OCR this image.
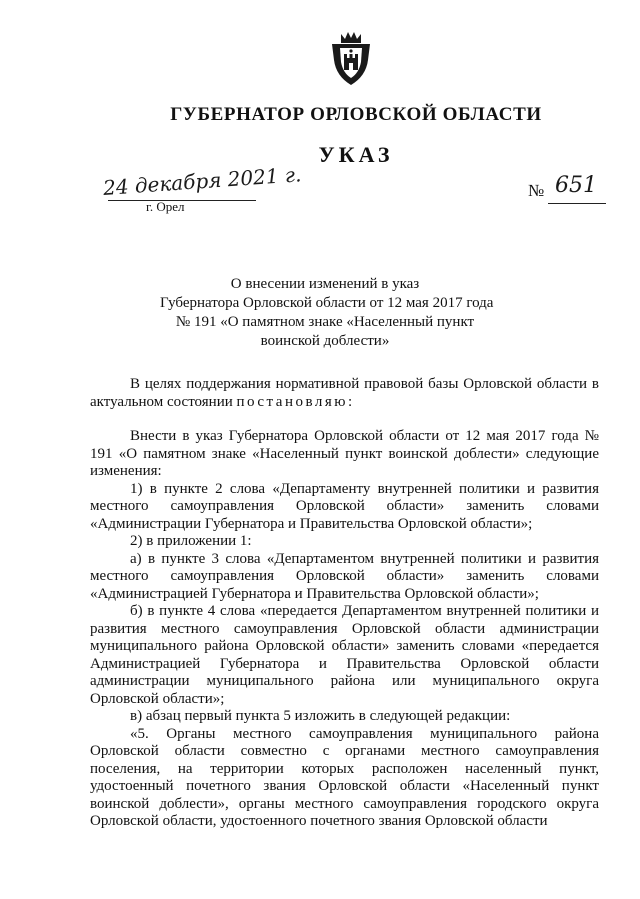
ГУБЕРНАТОР ОРЛОВСКОЙ ОБЛАСТИ
УКАЗ
24 декабря 2021 г.
г. Орел
№ 651
О внесении изменений в указ
Губернатора Орловской области от 12 мая 2017 года
№ 191 «О памятном знаке «Населенный пункт
воинской доблести»

В целях поддержания нормативной правовой базы Орловской области в актуальном состоянии постановляю:

Внести в указ Губернатора Орловской области от 12 мая 2017 года № 191 «О памятном знаке «Населенный пункт воинской доблести» следующие изменения:

1) в пункте 2 слова «Департаменту внутренней политики и развития местного самоуправления Орловской области» заменить словами «Администрации Губернатора и Правительства Орловской области»;

2) в приложении 1:

а) в пункте 3 слова «Департаментом внутренней политики и развития местного самоуправления Орловской области» заменить словами «Администрацией Губернатора и Правительства Орловской области»;

б) в пункте 4 слова «передается Департаментом внутренней политики и развития местного самоуправления Орловской области администрации муниципального района Орловской области» заменить словами «передается Администрацией Губернатора и Правительства Орловской области администрации муниципального района или муниципального округа Орловской области»;

в) абзац первый пункта 5 изложить в следующей редакции:

«5. Органы местного самоуправления муниципального района Орловской области совместно с органами местного самоуправления поселения, на территории которых расположен населенный пункт, удостоенный почетного звания Орловской области «Населенный пункт воинской доблести», органы местного самоуправления городского округа Орловской области, удостоенного почетного звания Орловской области
